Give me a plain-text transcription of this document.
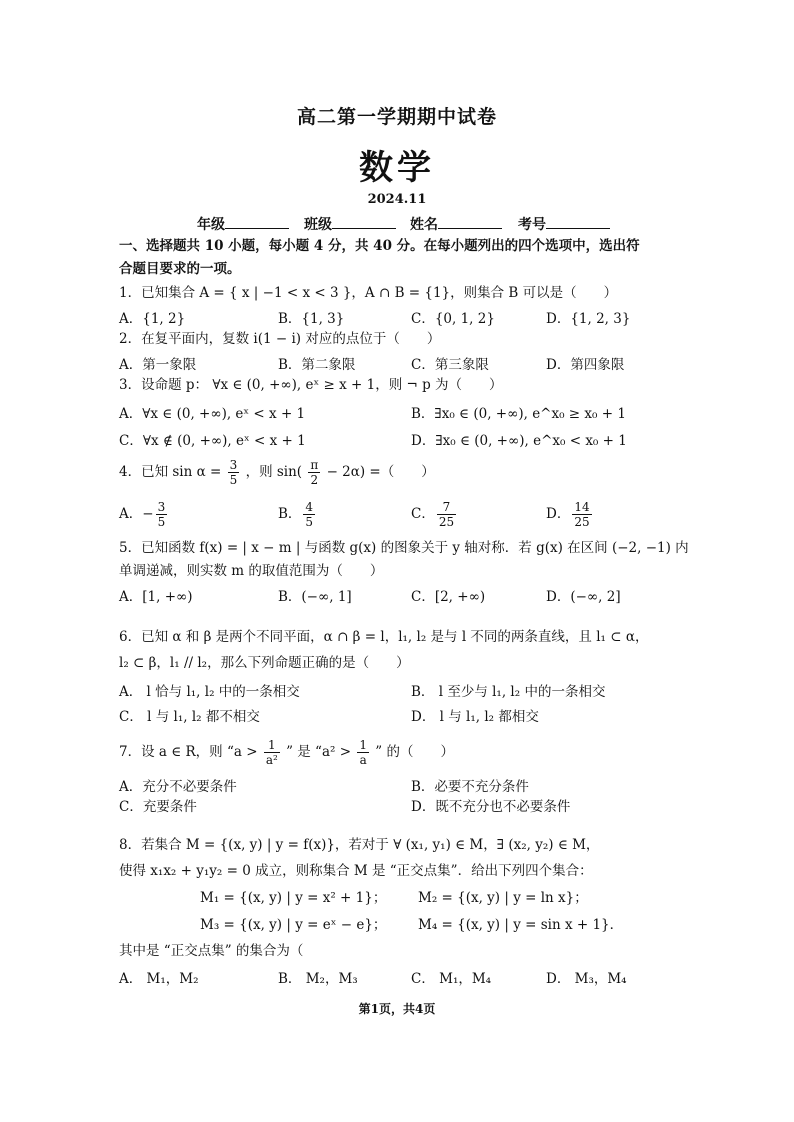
高二第一学期期中试卷
数学
2024.11
年级	班级	姓名	考号
一、选择题共 10 小题，每小题 4 分，共 40 分。在每小题列出的四个选项中，选出符
合题目要求的一项。
1．已知集合 A = { x | −1 < x < 3 }，A ∩ B = {1}，则集合 B 可以是（　　）
A．{1, 2}	B．{1, 3}	C．{0, 1, 2}	D．{1, 2, 3}
2．在复平面内，复数 i(1 − i) 对应的点位于（　　）
A．第一象限	B．第二象限	C．第三象限	D．第四象限
3．设命题 p： ∀x ∈ (0, +∞), eˣ ≥ x + 1，则 ¬ p 为（　　）
A．∀x ∈ (0, +∞), eˣ < x + 1	B．∃x₀ ∈ (0, +∞), e^x₀ ≥ x₀ + 1
C．∀x ∉ (0, +∞), eˣ < x + 1	D．∃x₀ ∈ (0, +∞), e^x₀ < x₀ + 1
4．已知 $\sin \alpha = \frac{3}{5}$ ，则 $\sin( \frac{\pi}{2} - 2\alpha)$ =（　　）
A．− $\frac{3}{5}$	B． $\frac{4}{5}$	C． $\frac{7}{25}$	D． $\frac{14}{25}$
5．已知函数 f(x) = | x − m | 与函数 g(x) 的图象关于 y 轴对称．若 g(x) 在区间 (−2, −1) 内
单调递减，则实数 m 的取值范围为（　　）
A．[1, +∞)	B．(−∞, 1]	C．[2, +∞)	D．(−∞, 2]
6．已知 α 和 β 是两个不同平面，α ∩ β = l，l₁, l₂ 是与 l 不同的两条直线，且 l₁ ⊂ α，
l₂ ⊂ β，l₁ // l₂，那么下列命题正确的是（　　）
A． l 恰与 l₁, l₂ 中的一条相交	B． l 至少与 l₁, l₂ 中的一条相交
C． l 与 l₁, l₂ 都不相交	D． l 与 l₁, l₂ 都相交
7．设 a ∈ R，则 “$a > \frac{1}{\text{a²}}$ ” 是 “$a^2 > \frac{1}{a}$ ” 的（　　）
A．充分不必要条件	B．必要不充分条件
C．充要条件	D．既不充分也不必要条件
8．若集合 M = {(x, y) | y = f(x)}，若对于 ∀ (x₁, y₁) ∈ M，∃ (x₂, y₂) ∈ M，
使得 x₁x₂ + y₁y₂ = 0 成立，则称集合 M 是 “正交点集”．给出下列四个集合：
M₁ = {(x, y) | y = x² + 1}； M₂ = {(x, y) | y = ln x}；
M₃ = {(x, y) | y = eˣ − e}； M₄ = {(x, y) | y = sin x + 1}．
其中是 “正交点集” 的集合为（
A． M₁，M₂	B． M₂，M₃	C． M₁，M₄	D． M₃，M₄
第1页，共4页
